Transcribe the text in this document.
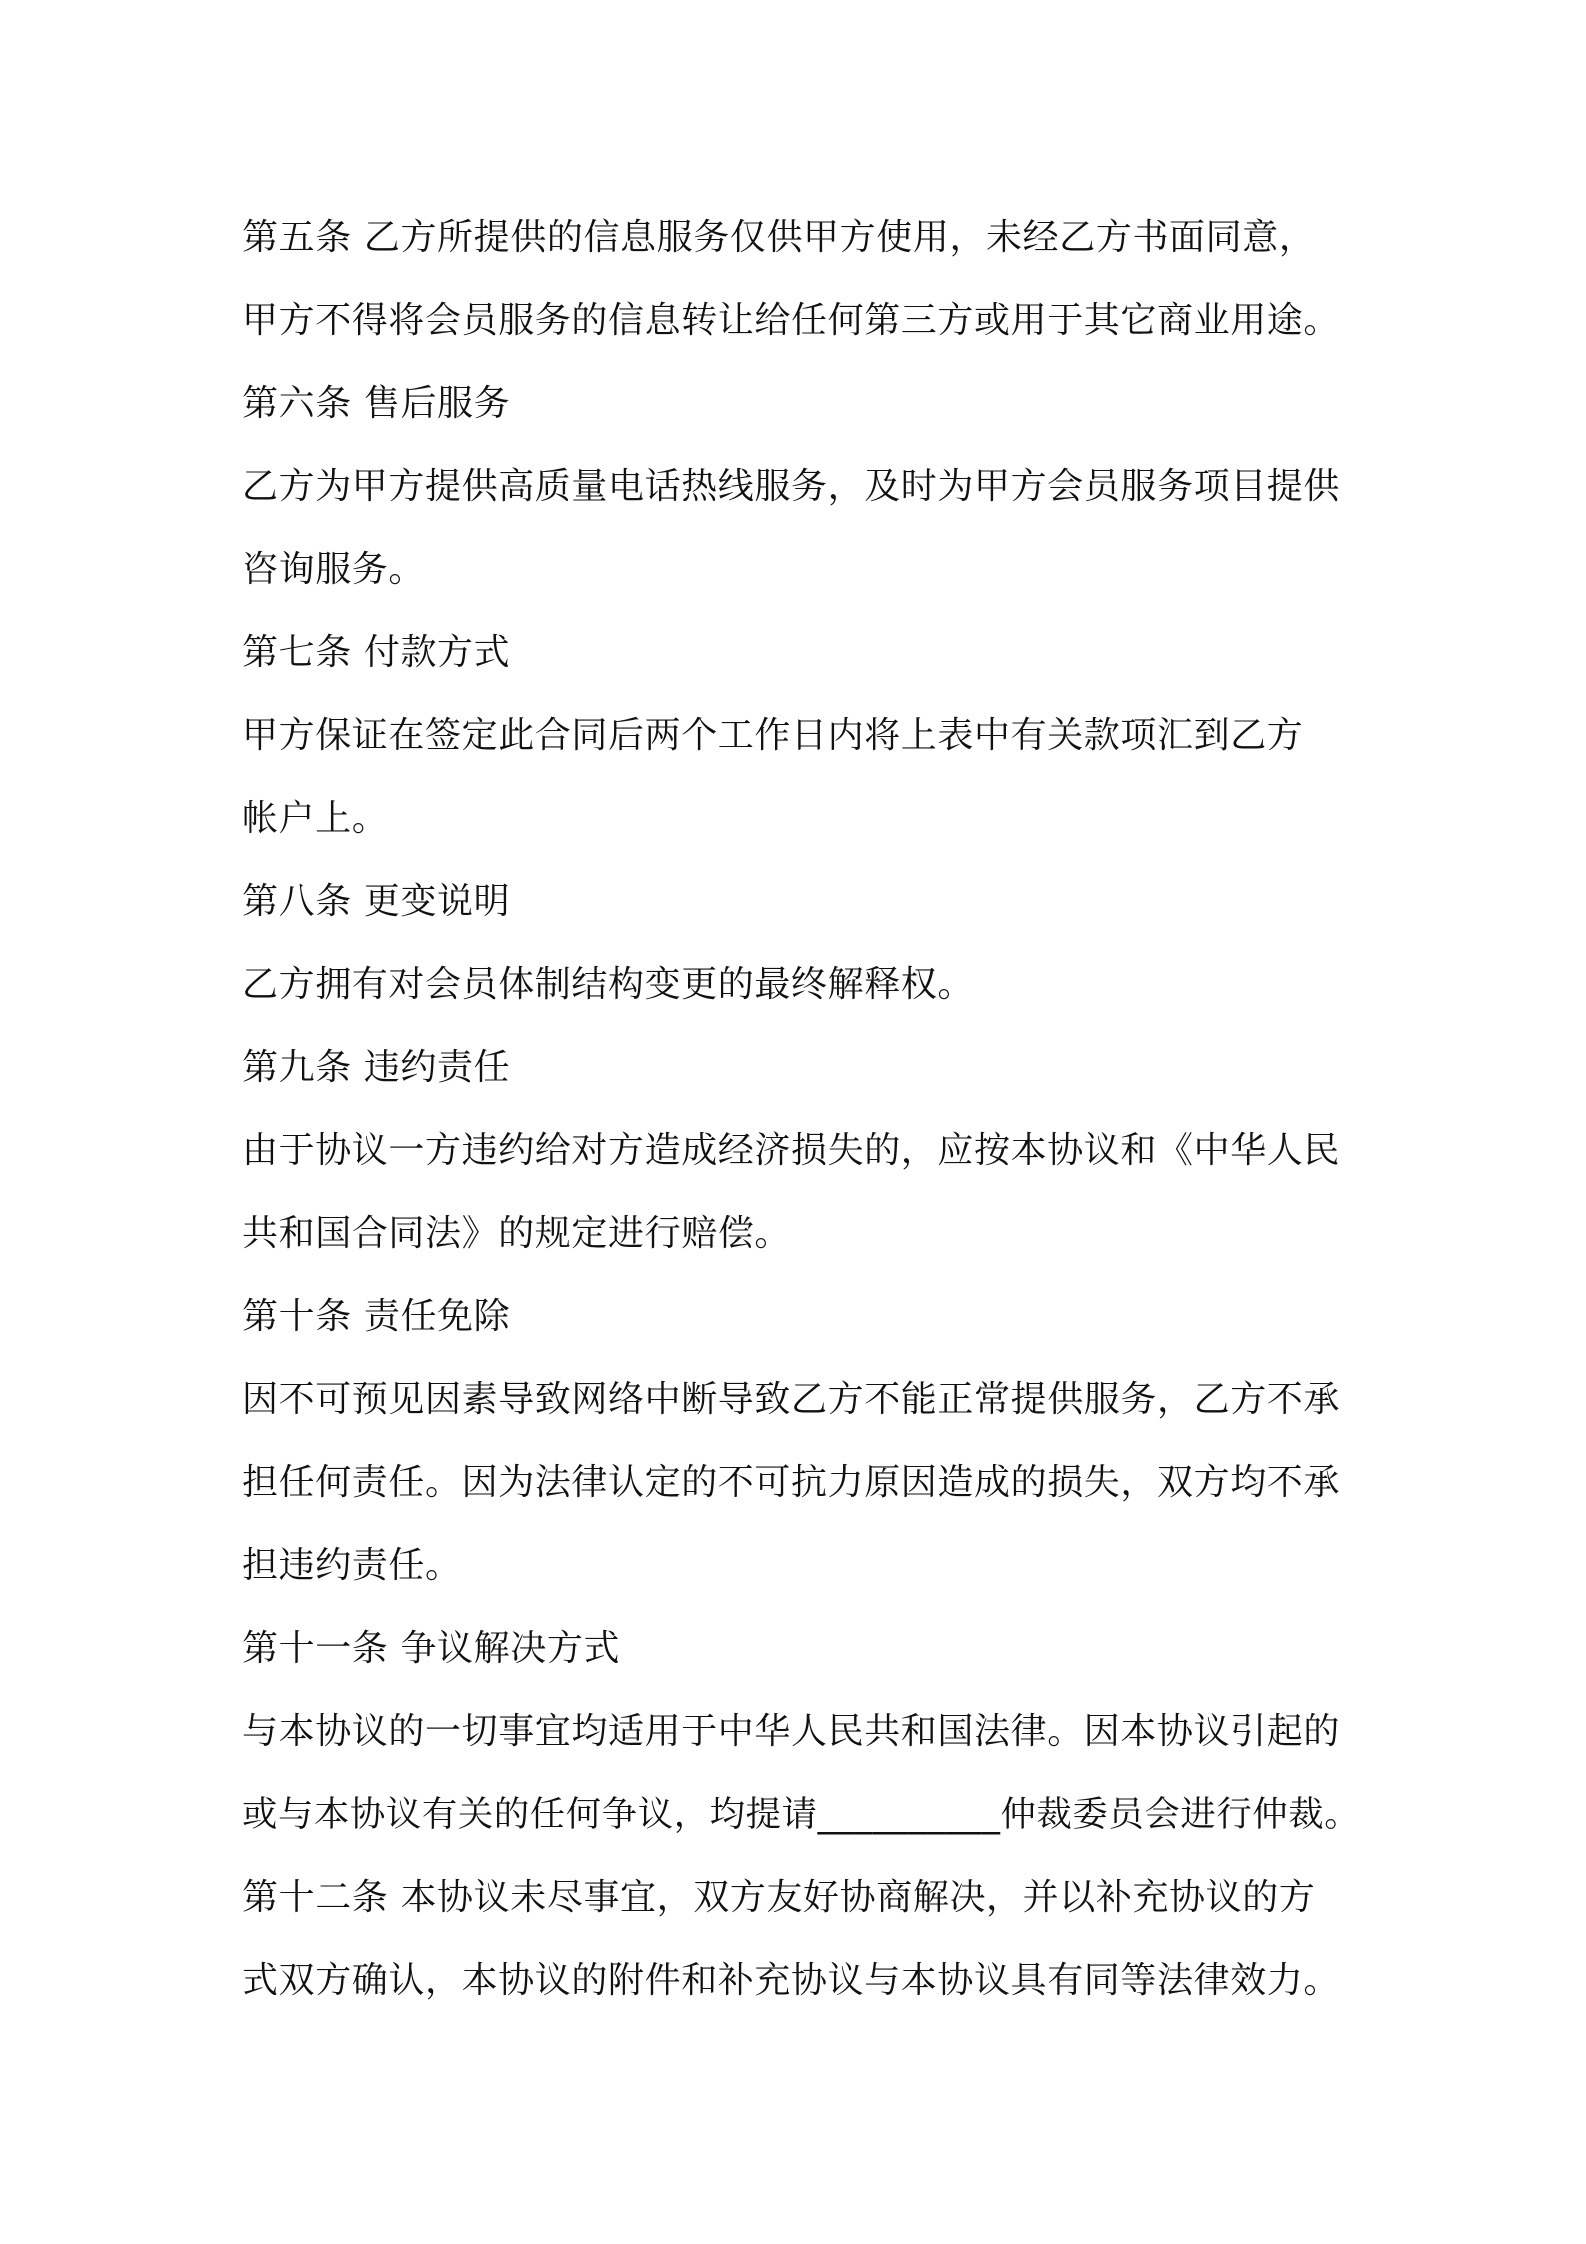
第五条 乙方所提供的信息服务仅供甲方使用，未经乙方书面同意，
甲方不得将会员服务的信息转让给任何第三方或用于其它商业用途。
第六条 售后服务
乙方为甲方提供高质量电话热线服务，及时为甲方会员服务项目提供
咨询服务。
第七条 付款方式
甲方保证在签定此合同后两个工作日内将上表中有关款项汇到乙方
帐户上。
第八条 更变说明
乙方拥有对会员体制结构变更的最终解释权。
第九条 违约责任
由于协议一方违约给对方造成经济损失的，应按本协议和《中华人民
共和国合同法》的规定进行赔偿。
第十条 责任免除
因不可预见因素导致网络中断导致乙方不能正常提供服务，乙方不承
担任何责任。因为法律认定的不可抗力原因造成的损失，双方均不承
担违约责任。
第十一条 争议解决方式
与本协议的一切事宜均适用于中华人民共和国法律。因本协议引起的
或与本协议有关的任何争议，均提请__________仲裁委员会进行仲裁。
第十二条 本协议未尽事宜，双方友好协商解决，并以补充协议的方
式双方确认，本协议的附件和补充协议与本协议具有同等法律效力。
